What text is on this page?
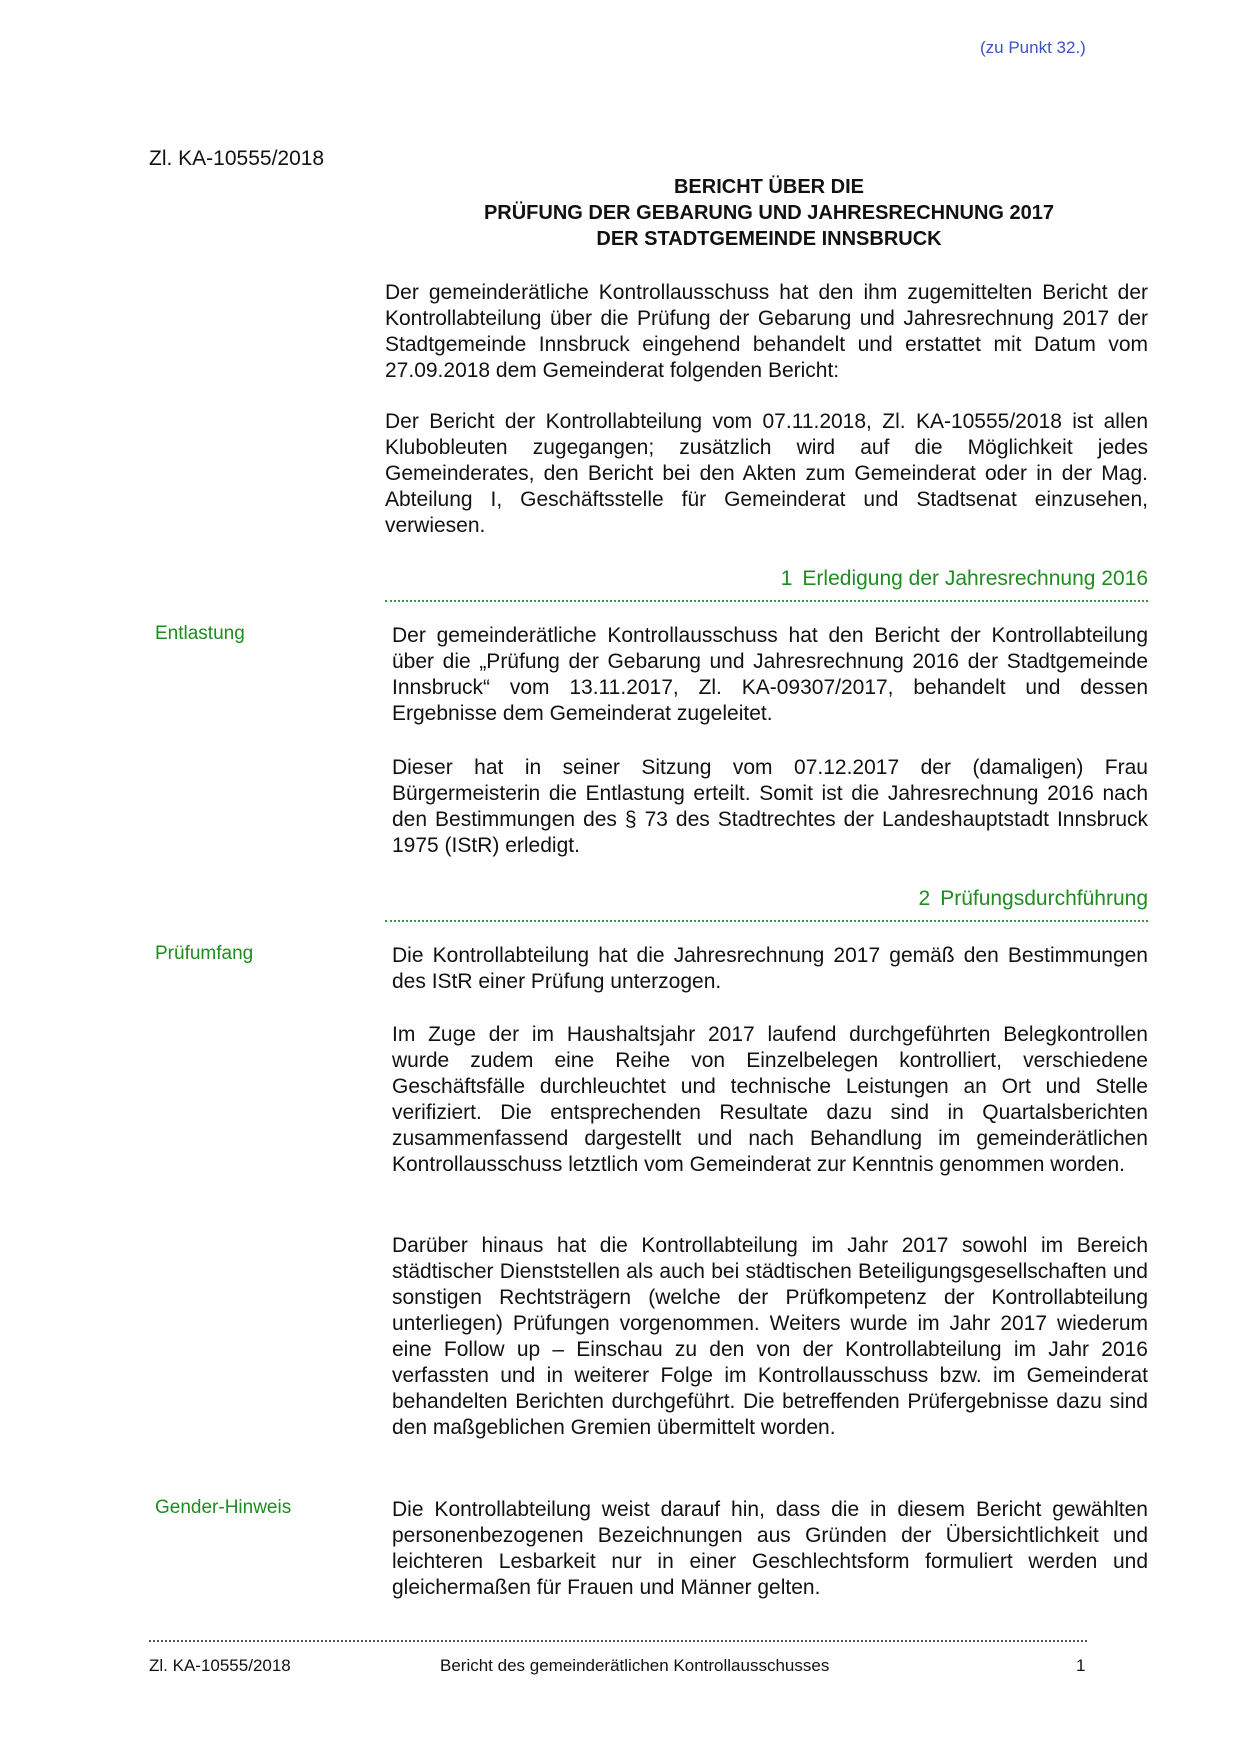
(zu Punkt 32.)
Zl. KA-10555/2018
BERICHT ÜBER DIE
PRÜFUNG DER GEBARUNG UND JAHRESRECHNUNG 2017
DER STADTGEMEINDE INNSBRUCK

Der gemeinderätliche Kontrollausschuss hat den ihm zugemittelten Bericht der Kontrollabteilung über die Prüfung der Gebarung und Jahresrechnung 2017 der Stadtgemeinde Innsbruck eingehend behandelt und erstattet mit Datum vom 27.09.2018 dem Gemeinderat folgenden Bericht:

Der Bericht der Kontrollabteilung vom 07.11.2018, Zl. KA-10555/2018 ist allen Klubobleuten zugegangen; zusätzlich wird auf die Möglichkeit jedes Gemeinderates, den Bericht bei den Akten zum Gemeinderat oder in der Mag. Abteilung I, Geschäftsstelle für Gemeinderat und Stadtsenat einzusehen, verwiesen.

1 Erledigung der Jahresrechnung 2016
Entlastung	Der gemeinderätliche Kontrollausschuss hat den Bericht der Kontrollabteilung über die „Prüfung der Gebarung und Jahresrechnung 2016 der Stadtgemeinde Innsbruck“ vom 13.11.2017, Zl. KA-09307/2017, behandelt und dessen Ergebnisse dem Gemeinderat zugeleitet.

Dieser hat in seiner Sitzung vom 07.12.2017 der (damaligen) Frau Bürgermeisterin die Entlastung erteilt. Somit ist die Jahresrechnung 2016 nach den Bestimmungen des § 73 des Stadtrechtes der Landeshauptstadt Innsbruck 1975 (IStR) erledigt.

2 Prüfungsdurchführung
Prüfumfang	Die Kontrollabteilung hat die Jahresrechnung 2017 gemäß den Bestimmungen des IStR einer Prüfung unterzogen.

Im Zuge der im Haushaltsjahr 2017 laufend durchgeführten Belegkontrollen wurde zudem eine Reihe von Einzelbelegen kontrolliert, verschiedene Geschäftsfälle durchleuchtet und technische Leistungen an Ort und Stelle verifiziert. Die entsprechenden Resultate dazu sind in Quartalsberichten zusammenfassend dargestellt und nach Behandlung im gemeinderätlichen Kontrollausschuss letztlich vom Gemeinderat zur Kenntnis genommen worden.

Darüber hinaus hat die Kontrollabteilung im Jahr 2017 sowohl im Bereich städtischer Dienststellen als auch bei städtischen Beteiligungsgesellschaften und sonstigen Rechtsträgern (welche der Prüfkompetenz der Kontrollabteilung unterliegen) Prüfungen vorgenommen. Weiters wurde im Jahr 2017 wiederum eine Follow up – Einschau zu den von der Kontrollabteilung im Jahr 2016 verfassten und in weiterer Folge im Kontrollausschuss bzw. im Gemeinderat behandelten Berichten durchgeführt. Die betreffenden Prüfergebnisse dazu sind den maßgeblichen Gremien übermittelt worden.

Gender-Hinweis	Die Kontrollabteilung weist darauf hin, dass die in diesem Bericht gewählten personenbezogenen Bezeichnungen aus Gründen der Übersichtlichkeit und leichteren Lesbarkeit nur in einer Geschlechtsform formuliert werden und gleichermaßen für Frauen und Männer gelten.

Zl. KA-10555/2018	Bericht des gemeinderätlichen Kontrollausschusses	1
